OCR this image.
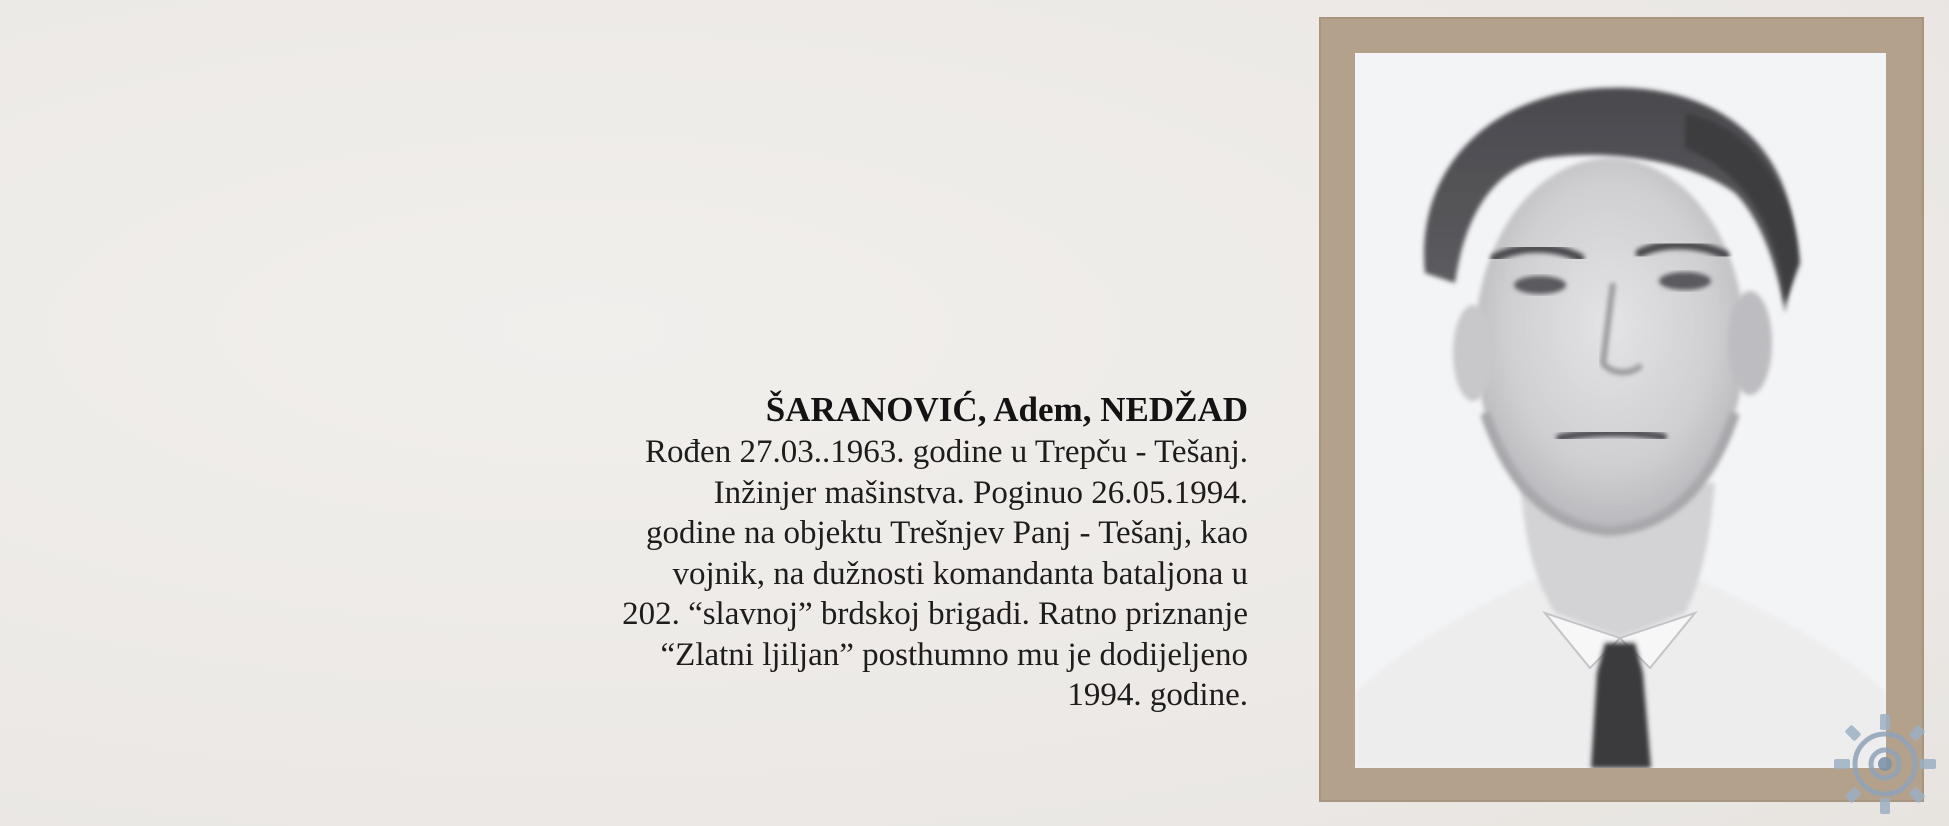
ŠARANOVIĆ, Adem, NEDŽAD

Rođen 27.03..1963. godine u Trepču - Tešanj.

Inžinjer mašinstva. Poginuo 26.05.1994.

godine na objektu Trešnjev Panj - Tešanj, kao

vojnik, na dužnosti komandanta bataljona u

202. “slavnoj” brdskoj brigadi. Ratno priznanje

“Zlatni ljiljan” posthumno mu je dodijeljeno

1994. godine.
